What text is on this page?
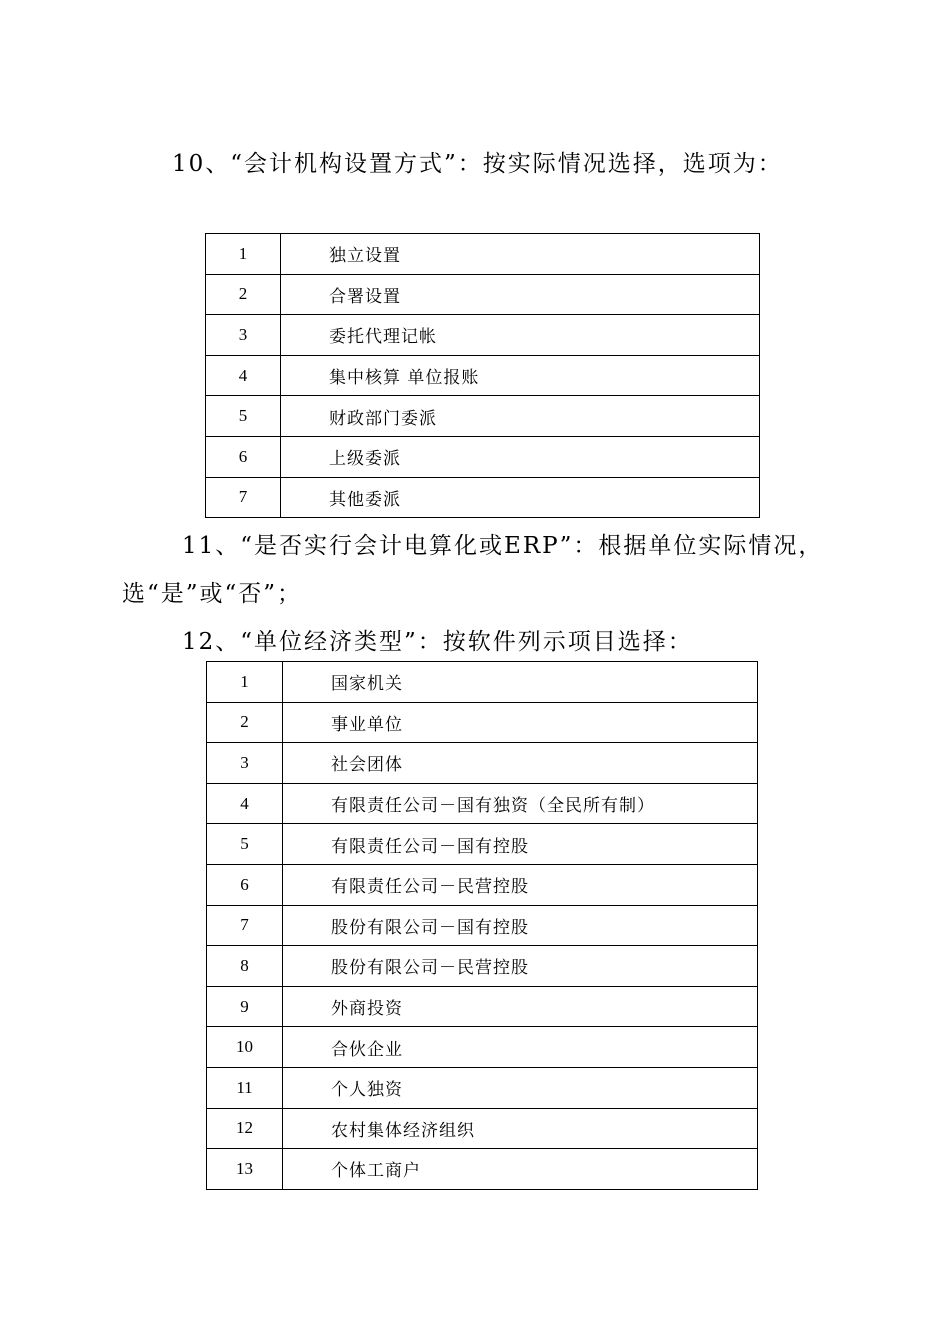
10、“会计机构设置方式”：按实际情况选择，选项为：

1	独立设置
2	合署设置
3	委托代理记帐
4	集中核算 单位报账
5	财政部门委派
6	上级委派
7	其他委派

11、“是否实行会计电算化或ERP”：根据单位实际情况，

选“是”或“否”；

12、“单位经济类型”：按软件列示项目选择：

1	国家机关
2	事业单位
3	社会团体
4	有限责任公司－国有独资（全民所有制）
5	有限责任公司－国有控股
6	有限责任公司－民营控股
7	股份有限公司－国有控股
8	股份有限公司－民营控股
9	外商投资
10	合伙企业
11	个人独资
12	农村集体经济组织
13	个体工商户
